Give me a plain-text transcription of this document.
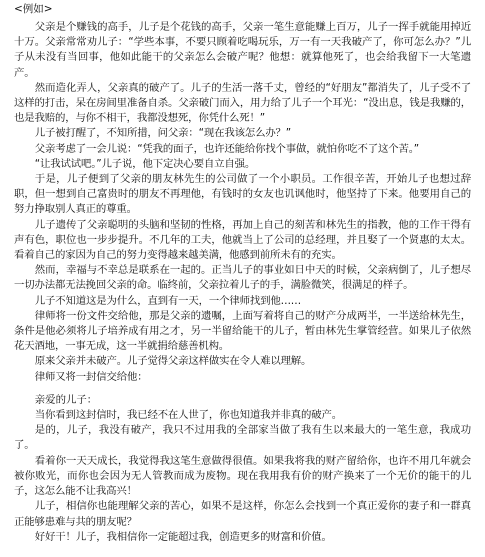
<例如>

父亲是个赚钱的高手，儿子是个花钱的高手，父亲一笔生意能赚上百万，儿子一挥手就能用掉近十万。父亲常常劝儿子：“学些本事，不要只顾着吃喝玩乐，万一有一天我破产了，你可怎么办？”儿子从未没有当回事，他如此能干的父亲怎么会破产呢？他想：就算他死了，也会给我留下一大笔遗产。

然而造化弄人，父亲真的破产了。儿子的生活一落千丈，曾经的“好朋友”都消失了，儿子受不了这样的打击，呆在房间里准备自杀。父亲破门而入，用力给了儿子一个耳光：“没出息，钱是我赚的，也是我赔的，与你不相干，我都没想死，你凭什么死！”

儿子被打醒了，不知所措，问父亲：“现在我该怎么办？”

父亲考虑了一会儿说：“凭我的面子，也许还能给你找个事做，就怕你吃不了这个苦。”

“让我试试吧。”儿子说，他下定决心要自立自强。

于是，儿子便到了父亲的朋友林先生的公司做了一个小职员。工作很辛苦，开始儿子也想过辞职，但一想到自己富贵时的朋友不再理他，有钱时的女友也讥讽他时，他坚持了下来。他要用自己的努力挣取别人真正的尊重。

儿子遗传了父亲聪明的头脑和坚韧的性格，再加上自己的刻苦和林先生的指教，他的工作干得有声有色，职位也一步步提升。不几年的工夫，他就当上了公司的总经理，并且娶了一个贤惠的太太。看着自己的家因为自己的努力变得越来越美满，他感到前所未有的充实。

然而，幸福与不幸总是联系在一起的。正当儿子的事业如日中天的时候，父亲病倒了，儿子想尽一切办法都无法挽回父亲的命。临终前，父亲拉着儿子的手，满脸微笑，很满足的样子。

儿子不知道这是为什么，直到有一天，一个律师找到他……

律师将一份文件交给他，那是父亲的遗嘱，上面写着将自己的财产分成两半，一半送给林先生，条件是他必须将儿子培养成有用之才，另一半留给能干的儿子，暂由林先生掌管经营。如果儿子依然花天酒地，一事无成，这一半就捐给慈善机构。

原来父亲并未破产。儿子觉得父亲这样做实在令人难以理解。

律师又将一封信交给他：

亲爱的儿子：

当你看到这封信时，我已经不在人世了，你也知道我并非真的破产。

是的，儿子，我没有破产，我只不过用我的全部家当做了我有生以来最大的一笔生意，我成功了。

看着你一天天成长，我觉得我这笔生意做得很值。如果我将我的财产留给你，也许不用几年就会被你败光，而你也会因为无人管教而成为废物。现在我用我有价的财产换来了一个无价的能干的儿子，这怎么能不让我高兴！

儿子，相信你也能理解父亲的苦心，如果不是这样，你怎么会找到一个真正爱你的妻子和一群真正能够患难与共的朋友呢？

好好干！儿子，我相信你一定能超过我，创造更多的财富和价值。
